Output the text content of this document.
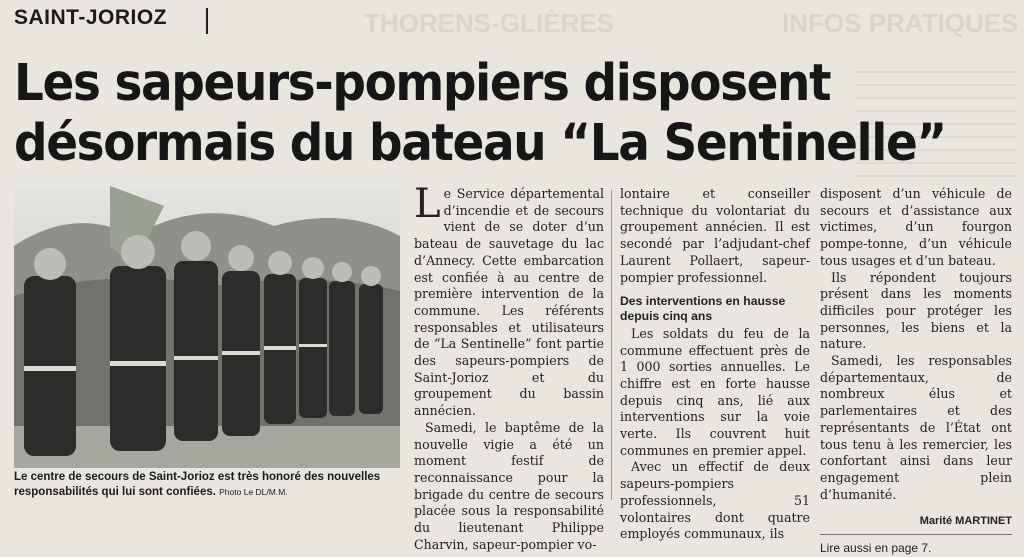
THORENS-GLIÈRES	INFOS PRATIQUES
SAINT-JORIOZ
Les sapeurs-pompiers disposent
désormais du bateau “La Sentinelle”
Le centre de secours de Saint-Jorioz est très honoré des nouvelles responsabilités qui lui sont confiées. Photo Le DL/M.M.

Le Service départemental d’incendie et de secours vient de se doter d’un bateau de sauvetage du lac d’Annecy. Cette embarcation est confiée à au centre de première intervention de la commune. Les référents responsables et utilisateurs de “La Sentinelle” font partie des sapeurs-pompiers de Saint-Jorioz et du groupement du bassin annécien.

Samedi, le baptême de la nouvelle vigie a été un moment festif de reconnaissance pour la brigade du centre de secours placée sous la responsabilité du lieutenant Philippe Charvin, sapeur-pompier vo-

lontaire et conseiller technique du volontariat du groupement annécien. Il est secondé par l’adjudant-chef Laurent Pollaert, sapeur-pompier professionnel.

Des interventions en hausse depuis cinq ans

Les soldats du feu de la commune effectuent près de 1 000 sorties annuelles. Le chiffre est en forte hausse depuis cinq ans, lié aux interventions sur la voie verte. Ils couvrent huit communes en premier appel.

Avec un effectif de deux sapeurs-pompiers professionnels, 51 volontaires dont quatre employés communaux, ils

disposent d’un véhicule de secours et d’assistance aux victimes, d’un fourgon pompe-tonne, d’un véhicule tous usages et d’un bateau.

Ils répondent toujours présent dans les moments difficiles pour protéger les personnes, les biens et la nature.

Samedi, les responsables départementaux, de nombreux élus et parlementaires et des représentants de l’État ont tous tenu à les remercier, les confortant ainsi dans leur engagement plein d’humanité.

Marité MARTINET
Lire aussi en page 7.
